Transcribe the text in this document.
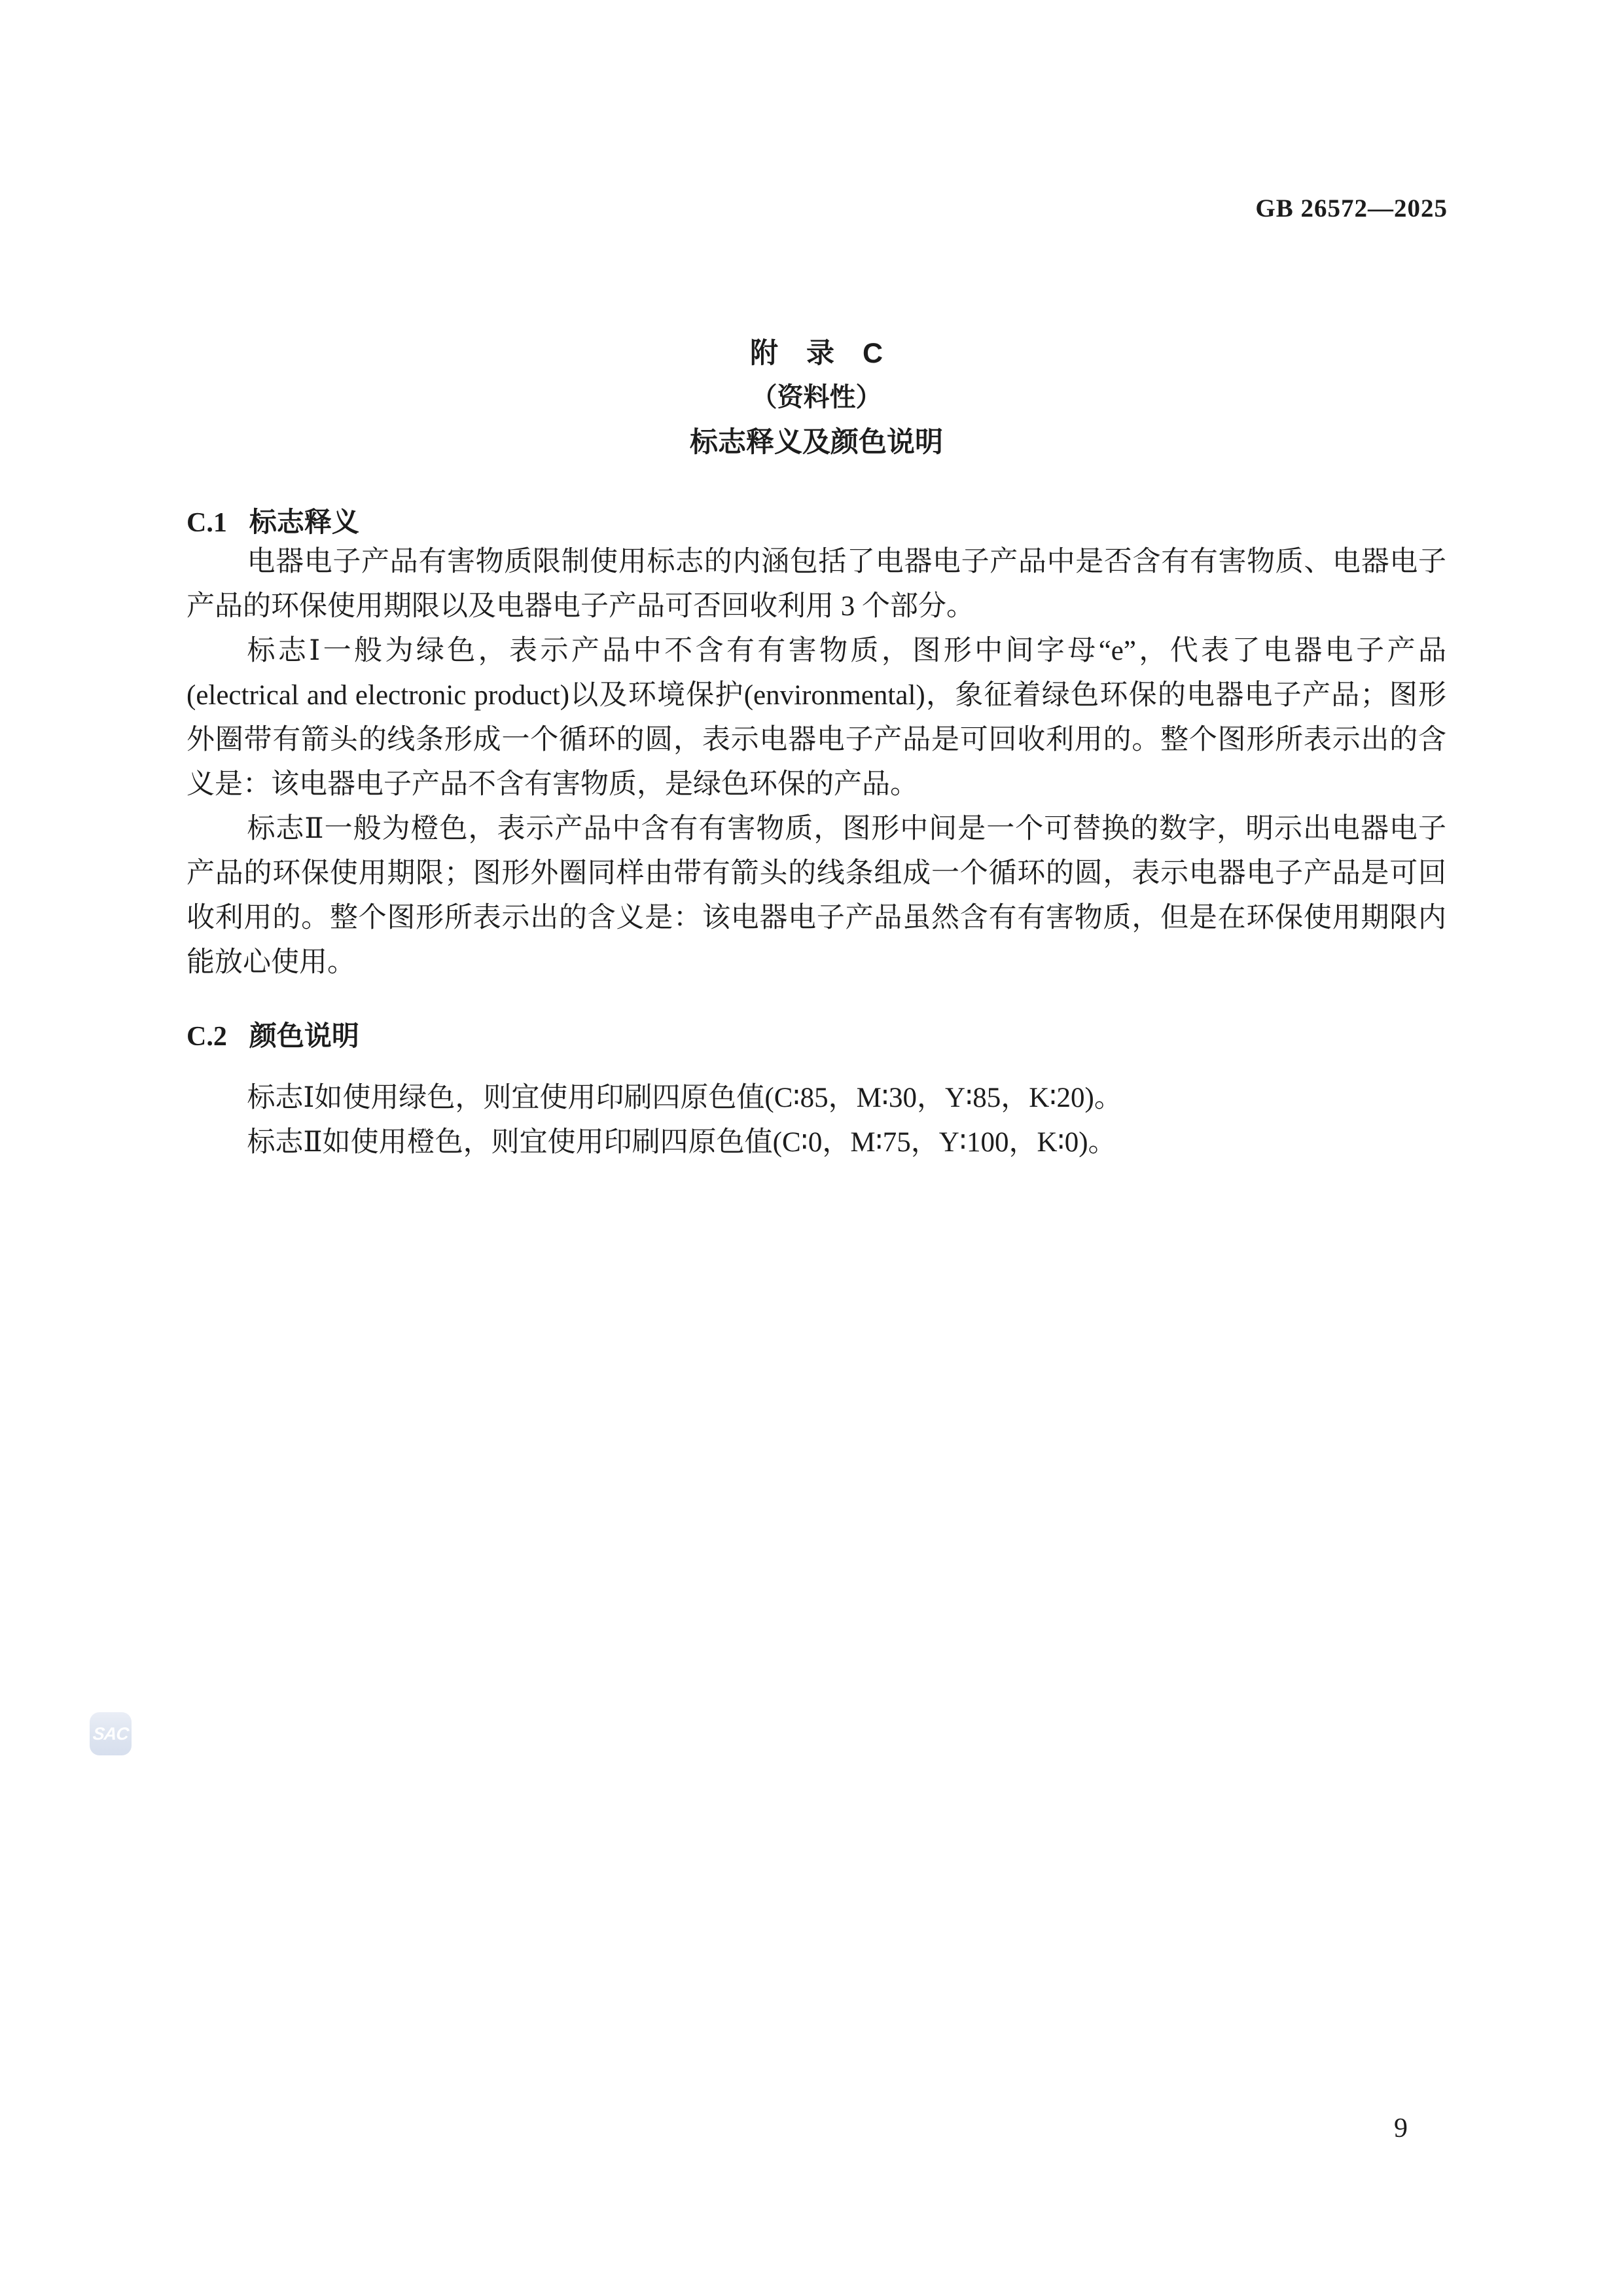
GB 26572—2025
附　录　C
（资料性）
标志释义及颜色说明
C.1 标志释义

电器电子产品有害物质限制使用标志的内涵包括了电器电子产品中是否含有有害物质、电器电子产品的环保使用期限以及电器电子产品可否回收利用 3 个部分。

标志Ⅰ一般为绿色，表示产品中不含有有害物质，图形中间字母“e”，代表了电器电子产品(electrical and electronic product)以及环境保护(environmental)，象征着绿色环保的电器电子产品；图形外圈带有箭头的线条形成一个循环的圆，表示电器电子产品是可回收利用的。整个图形所表示出的含义是：该电器电子产品不含有害物质，是绿色环保的产品。

标志Ⅱ一般为橙色，表示产品中含有有害物质，图形中间是一个可替换的数字，明示出电器电子产品的环保使用期限；图形外圈同样由带有箭头的线条组成一个循环的圆，表示电器电子产品是可回收利用的。整个图形所表示出的含义是：该电器电子产品虽然含有有害物质，但是在环保使用期限内能放心使用。

C.2 颜色说明

标志Ⅰ如使用绿色，则宜使用印刷四原色值(C∶85，M∶30，Y∶85，K∶20)。

标志Ⅱ如使用橙色，则宜使用印刷四原色值(C∶0，M∶75，Y∶100，K∶0)。

SAC
9
